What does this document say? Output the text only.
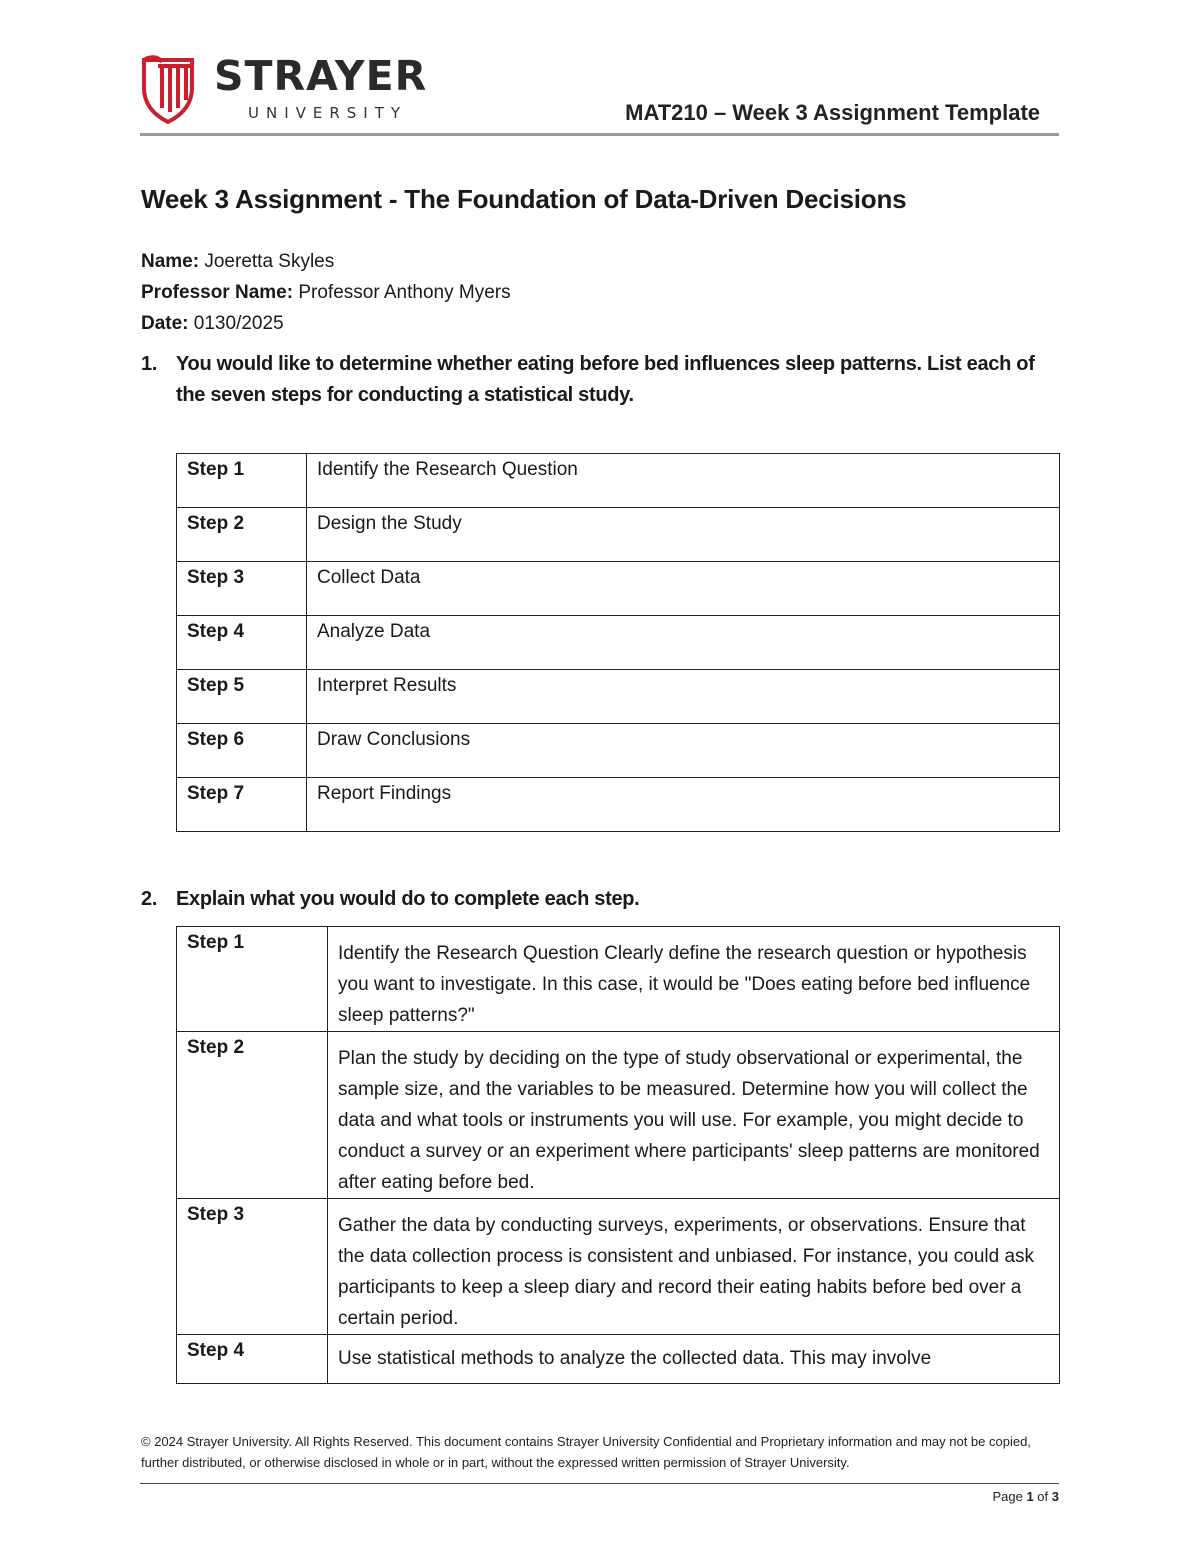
STRAYER
UNIVERSITY	MAT210 – Week 3 Assignment Template
Week 3 Assignment - The Foundation of Data-Driven Decisions
Name: Joeretta Skyles
Professor Name: Professor Anthony Myers
Date: 0130/2025
1. You would like to determine whether eating before bed influences sleep patterns. List each of the seven steps for conducting a statistical study.
Step 1	Identify the Research Question
Step 2	Design the Study
Step 3	Collect Data
Step 4	Analyze Data
Step 5	Interpret Results
Step 6	Draw Conclusions
Step 7	Report Findings
2. Explain what you would do to complete each step.
Step 1	Identify the Research Question Clearly define the research question or hypothesis you want to investigate. In this case, it would be "Does eating before bed influence sleep patterns?"
Step 2	Plan the study by deciding on the type of study observational or experimental, the sample size, and the variables to be measured. Determine how you will collect the data and what tools or instruments you will use. For example, you might decide to conduct a survey or an experiment where participants' sleep patterns are monitored after eating before bed.
Step 3	Gather the data by conducting surveys, experiments, or observations. Ensure that the data collection process is consistent and unbiased. For instance, you could ask participants to keep a sleep diary and record their eating habits before bed over a certain period.
Step 4	Use statistical methods to analyze the collected data. This may involve
© 2024 Strayer University. All Rights Reserved. This document contains Strayer University Confidential and Proprietary information and may not be copied, further distributed, or otherwise disclosed in whole or in part, without the expressed written permission of Strayer University.
Page 1 of 3
